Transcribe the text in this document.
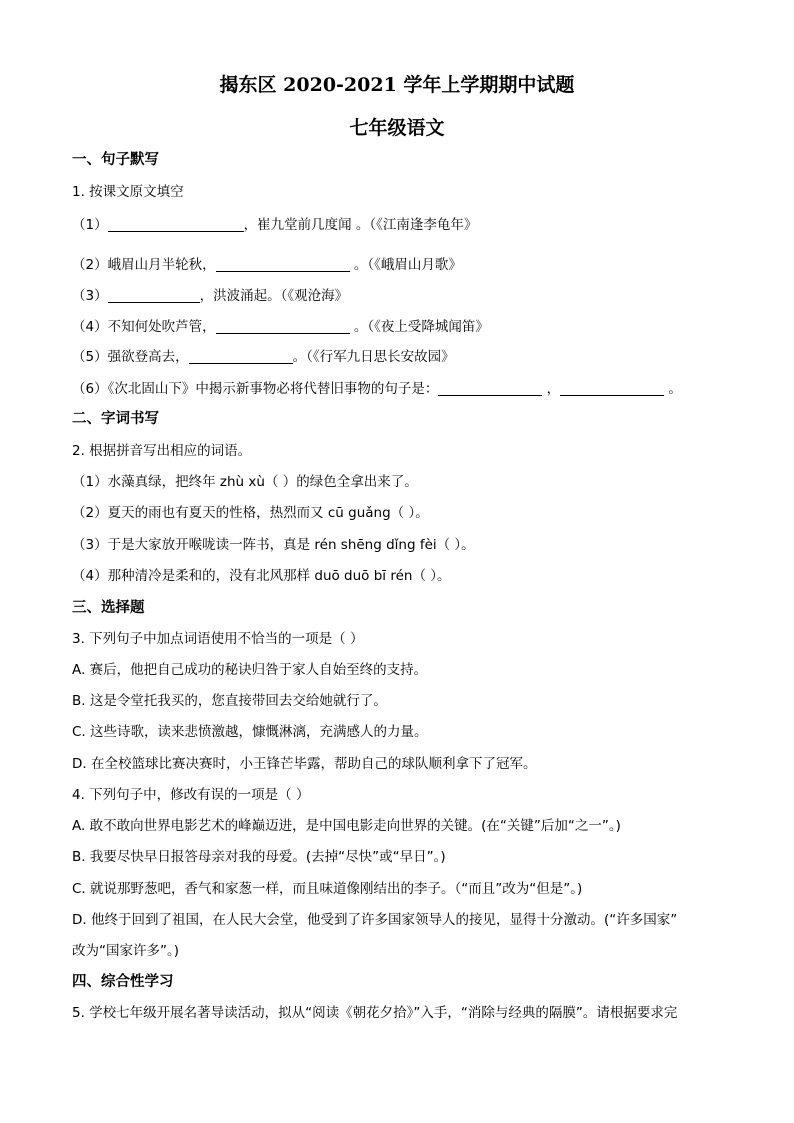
揭东区 2020-2021 学年上学期期中试题
七年级语文
一、句子默写
1. 按课文原文填空
（1）	，崔九堂前几度闻 。（《江南逢李龟年》
（2）峨眉山月半轮秋，	。（《峨眉山月歌》
（3）	，洪波涌起。（《观沧海》
（4）不知何处吹芦管，	。（《夜上受降城闻笛》
（5）强欲登高去，	。（《行军九日思长安故园》
（6）《次北固山下》中揭示新事物必将代替旧事物的句子是：	，	。
二、字词书写
2. 根据拼音写出相应的词语。
（1）水藻真绿，把终年 zhù xù（ ）的绿色全拿出来了。
（2）夏天的雨也有夏天的性格，热烈而又 cū guǎng（ ）。
（3）于是大家放开喉咙读一阵书，真是 rén shēng dǐng fèi（ ）。
（4）那种清冷是柔和的，没有北风那样 duō duō bī rén（ ）。
三、选择题
3. 下列句子中加点词语使用不恰当的一项是（ ）
A. 赛后，他把自己成功的秘诀归咎于家人自始至终的支持。
B. 这是令堂托我买的，您直接带回去交给她就行了。
C. 这些诗歌，读来悲愤激越，慷慨淋漓，充满感人的力量。
D. 在全校篮球比赛决赛时，小王锋芒毕露，帮助自己的球队顺利拿下了冠军。
4. 下列句子中，修改有误的一项是（ ）
A. 敢不敢向世界电影艺术的峰巅迈进，是中国电影走向世界的关键。(在“关键”后加“之一”。)
B. 我要尽快早日报答母亲对我的母爱。(去掉“尽快”或“早日”。)
C. 就说那野葱吧，香气和家葱一样，而且味道像刚结出的李子。（“而且”改为“但是”。)
D. 他终于回到了祖国，在人民大会堂，他受到了许多国家领导人的接见，显得十分激动。(“许多国家”
改为“国家许多”。)
四、综合性学习
5. 学校七年级开展名著导读活动，拟从“阅读《朝花夕拾》”入手，“消除与经典的隔膜”。请根据要求完
